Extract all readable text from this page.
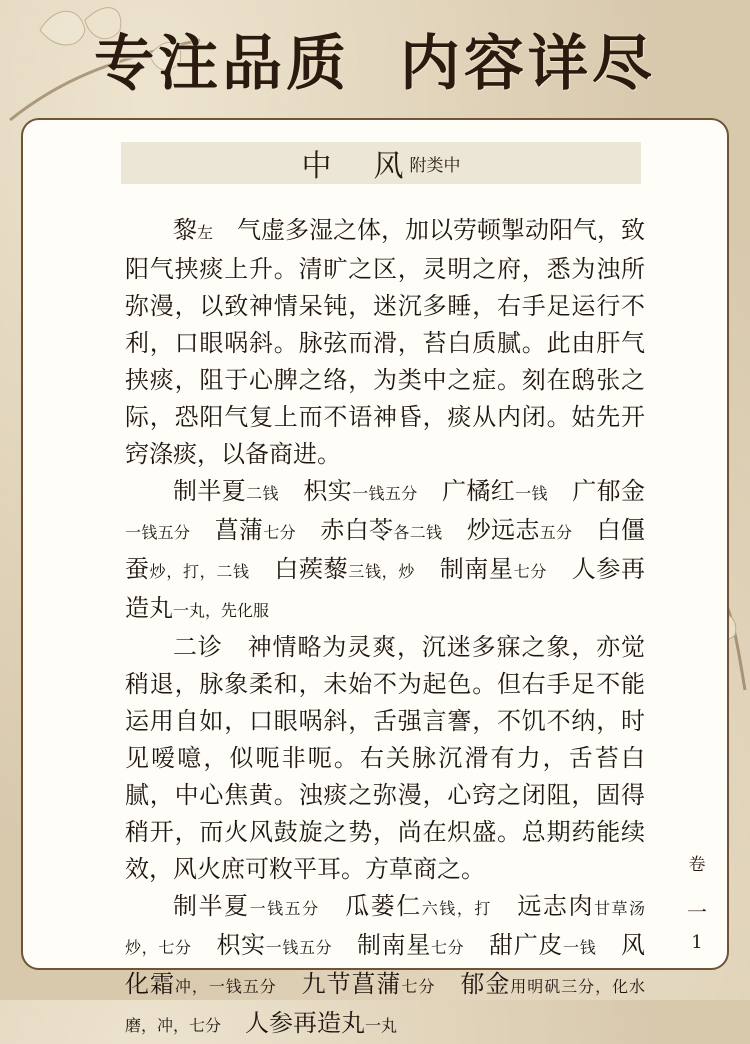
专注品质  内容详尽
中 风 附类中

黎左　 气虚多湿之体，加以劳顿掣动阳气，致阳气挟痰上升。清旷之区，灵明之府，悉为浊所弥漫，以致神情呆钝，迷沉多睡，右手足运行不利，口眼㖞斜。脉弦而滑，苔白质腻。此由肝气挟痰，阻于心脾之络，为类中之症。刻在鸱张之际，恐阳气复上而不语神昏，痰从内闭。姑先开窍涤痰，以备商进。

制半夏二钱　 枳实一钱五分　 广橘红一钱　 广郁金一钱五分　 菖蒲七分　 赤白苓各二钱　 炒远志五分　 白僵蚕炒，打，二钱　 白蒺藜三钱，炒　 制南星七分　 人参再造丸一丸，先化服

二诊　 神情略为灵爽，沉迷多寐之象，亦觉稍退，脉象柔和，未始不为起色。但右手足不能运用自如，口眼㖞斜，舌强言謇，不饥不纳，时见嗳噫，似呃非呃。右关脉沉滑有力，舌苔白腻，中心焦黄。浊痰之弥漫，心窍之闭阻，固得稍开，而火风鼓旋之势，尚在炽盛。总期药能续效，风火庶可敉平耳。方草商之。

制半夏一钱五分　 瓜蒌仁六钱，打　 远志肉甘草汤炒，七分　 枳实一钱五分　 制南星七分　 甜广皮一钱　 风化霜冲，一钱五分　 九节菖蒲七分　 郁金用明矾三分，化水磨，冲，七分　 人参再造丸一丸

卷
一
1
